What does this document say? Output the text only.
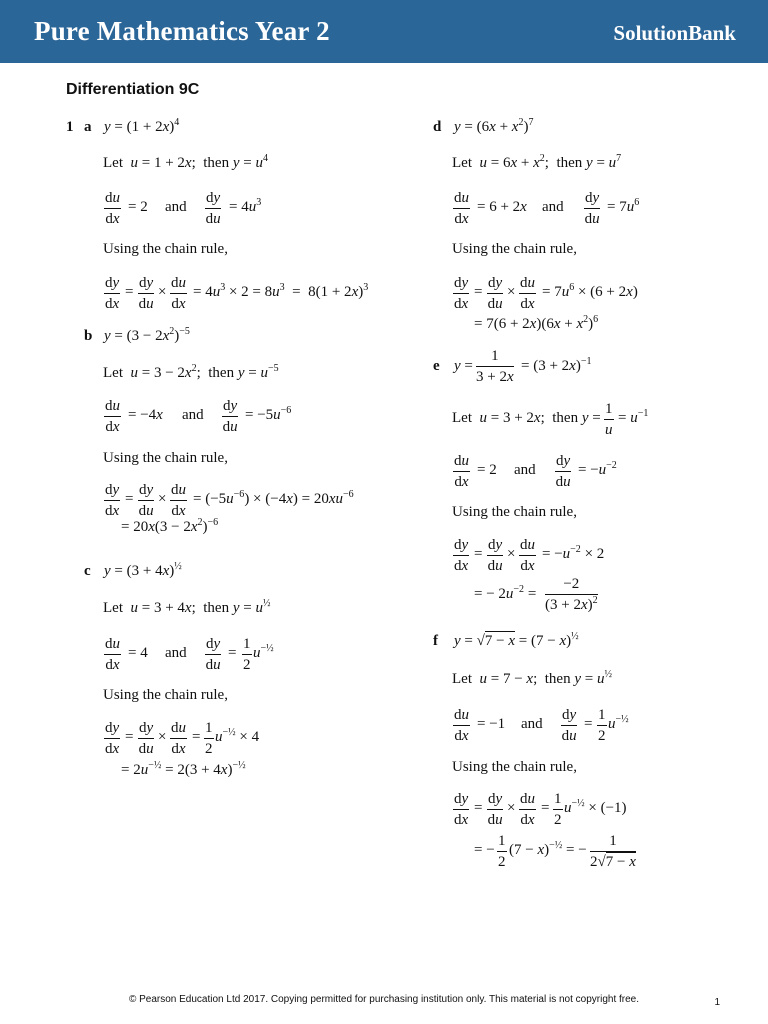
Pure Mathematics Year 2	SolutionBank
Differentiation 9C
1 a $y = (1 + 2x)^4$
Let  u = 1 + 2x;  then $y = u^4$
$\frac{du}{dx} = 2$ and $\frac{dy}{du} = 4u^3$
Using the chain rule,
$\frac{dy}{dx} = \frac{dy}{du} \times \frac{du}{dx} = 4u^3 \times 2 = 8u^3 = 8(1 + 2x)^3$
b $y = (3 - 2x^2)^{-5}$
Let  $u = 3 - 2x^2$;  then $y = u^{-5}$
$\frac{du}{dx} = -4x$ and $\frac{dy}{du} = -5u^{-6}$
Using the chain rule,
$\frac{dy}{dx} = \frac{dy}{du} \times \frac{du}{dx} = (-5u^{-6}) \times (-4x) = 20xu^{-6}$
= $20x(3 - 2x^2)^{-6}$
c $y = (3 + 4x)^{\frac{1}{2}}$
Let  u = 3 + 4x;  then $y = u^{\frac{1}{2}}$
$\frac{du}{dx} = 4$ and $\frac{dy}{du} = \frac{1}{2} u^{-\frac{1}{2}}$
Using the chain rule,
$\frac{dy}{dx} = \frac{dy}{du} \times \frac{du}{dx} = \frac{1}{2} u^{-\frac{1}{2}} \times 4$
= $2u^{-\frac{1}{2}} = 2(3 + 4x)^{-\frac{1}{2}}$
d $y = (6x + x^2)^7$
Let  $u = 6x + x^2$;  then $y = u^7$
$\frac{du}{dx} = 6 + 2x$ and $\frac{dy}{du} = 7u^6$
Using the chain rule,
$\frac{dy}{dx} = \frac{dy}{du} \times \frac{du}{dx} = 7u^6 \times (6 + 2x)$
= $7(6 + 2x)(6x + x^2)^6$
e $y = \frac{1}{3 + 2x} = (3 + 2x)^{-1}$
Let  u = 3 + 2x;  then $y = \frac{1}{u} = u^{-1}$
$\frac{du}{dx} = 2$ and $\frac{dy}{du} = -u^{-2}$
Using the chain rule,
$\frac{dy}{dx} = \frac{dy}{du} \times \frac{du}{dx} = -u^{-2} \times 2$
= − $2u^{-2} = \frac{-2}{(3 + 2x)^2}$
f $y = √7 - x = (7 - x)^{\frac{1}{2}}$
Let  u = 7 − x;  then $y = u^{\frac{1}{2}}$
$\frac{du}{dx} = -1$ and $\frac{dy}{du} = \frac{1}{2} u^{-\frac{1}{2}}$
Using the chain rule,
$\frac{dy}{dx} = \frac{dy}{du} \times \frac{du}{dx} = \frac{1}{2} u^{-\frac{1}{2}} \times (-1)$
= − $\frac{1}{2} (7 - x)^{-\frac{1}{2}}$ = − $\frac{1}{2√7 - x}$
© Pearson Education Ltd 2017. Copying permitted for purchasing institution only. This material is not copyright free.	1
